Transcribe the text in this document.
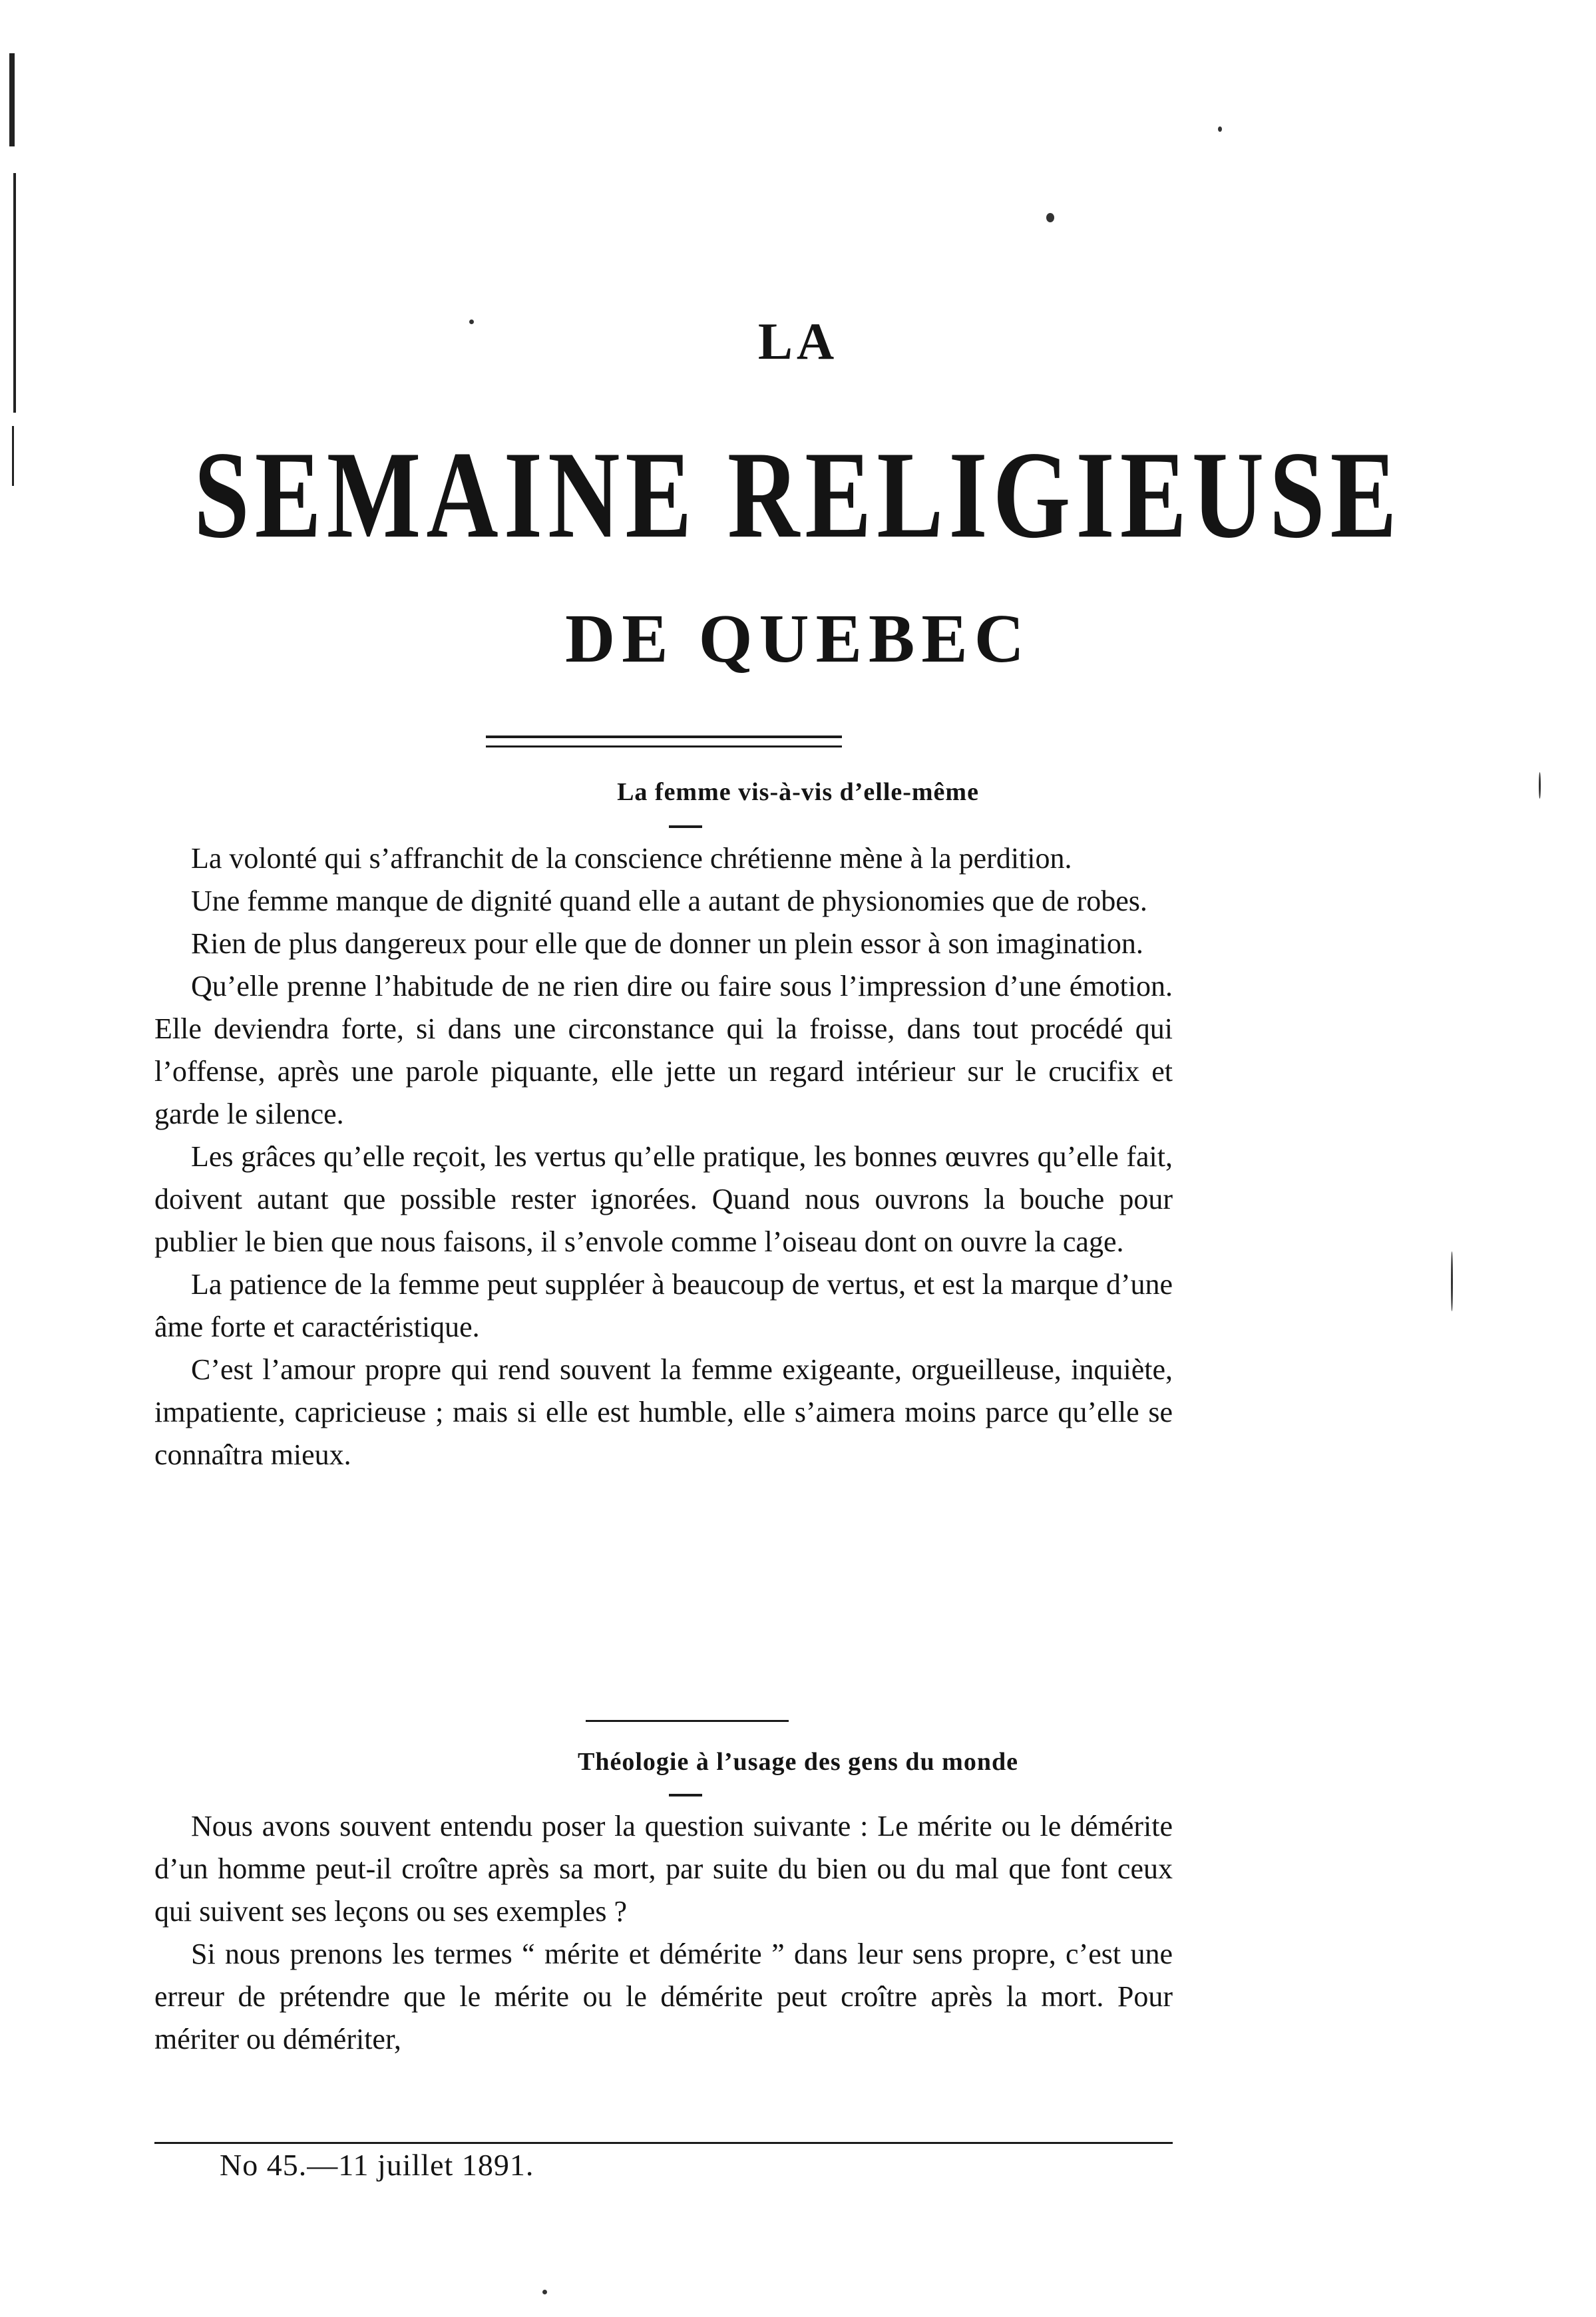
LA
SEMAINE RELIGIEUSE
DE QUEBEC
La femme vis-à-vis d’elle-même

La volonté qui s’affranchit de la conscience chrétienne mène à la perdition.

Une femme manque de dignité quand elle a autant de physionomies que de robes.

Rien de plus dangereux pour elle que de donner un plein essor à son imagination.

Qu’elle prenne l’habitude de ne rien dire ou faire sous l’impression d’une émotion. Elle deviendra forte, si dans une circonstance qui la froisse, dans tout procédé qui l’offense, après une parole piquante, elle jette un regard intérieur sur le crucifix et garde le silence.

Les grâces qu’elle reçoit, les vertus qu’elle pratique, les bonnes œuvres qu’elle fait, doivent autant que possible rester ignorées. Quand nous ouvrons la bouche pour publier le bien que nous faisons, il s’envole comme l’oiseau dont on ouvre la cage.

La patience de la femme peut suppléer à beaucoup de vertus, et est la marque d’une âme forte et caractéristique.

C’est l’amour propre qui rend souvent la femme exigeante, orgueilleuse, inquiète, impatiente, capricieuse ; mais si elle est humble, elle s’aimera moins parce qu’elle se connaîtra mieux.

Théologie à l’usage des gens du monde

Nous avons souvent entendu poser la question suivante : Le mérite ou le démérite d’un homme peut-il croître après sa mort, par suite du bien ou du mal que font ceux qui suivent ses leçons ou ses exemples ?

Si nous prenons les termes “ mérite et démérite ” dans leur sens propre, c’est une erreur de prétendre que le mérite ou le démérite peut croître après la mort. Pour mériter ou démériter,

No 45.—11 juillet 1891.
